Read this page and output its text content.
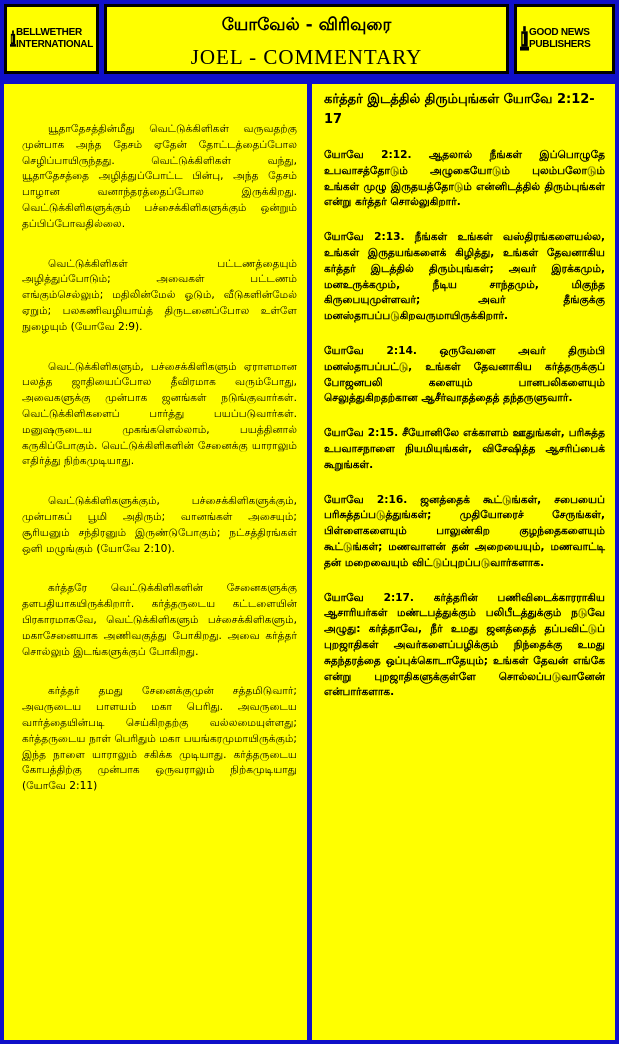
BELLWETHER INTERNATIONAL
யோவேல் - விரிவுரை
JOEL - COMMENTARY
GOOD NEWS PUBLISHERS

யூதாதேசத்தின்மீது வெட்டுக்கிளிகள் வருவதற்கு முன்பாக அந்த தேசம் ஏதேன் தோட்டத்தைப்போல செழிப்பாயிருந்தது. வெட்டுக்கிளிகள் வந்து, யூதாதேசத்தை அழித்துப்போட்ட பின்பு, அந்த தேசம் பாழான வனாந்தரத்தைப்போல இருக்கிறது. வெட்டுக்கிளிகளுக்கும் பச்சைக்கிளிகளுக்கும் ஒன்றும் தப்பிப்போவதில்லை.

வெட்டுக்கிளிகள் பட்டணத்தையும் அழித்துப்போடும்; அவைகள் பட்டணம் எங்கும்செல்லும்; மதிலின்மேல் ஓடும், வீடுகளின்மேல் ஏறும்; பலகணிவழியாய்த் திருடனைப்போல உள்ளே நுழையும் (யோவே 2:9).

வெட்டுக்கிளிகளும், பச்சைக்கிளிகளும் ஏராளமான பலத்த ஜாதியைப்போல தீவிரமாக வரும்போது, அவைகளுக்கு முன்பாக ஜனங்கள் நடுங்குவார்கள். வெட்டுக்கிளிகளைப் பார்த்து பயப்படுவார்கள். மனுஷருடைய முகங்களெல்லாம், பயத்தினால் கருகிப்போகும். வெட்டுக்கிளிகளின் சேனைக்கு யாராலும் எதிர்த்து நிற்கமுடியாது.

வெட்டுக்கிளிகளுக்கும், பச்சைக்கிளிகளுக்கும், முன்பாகப் பூமி அதிரும்; வானங்கள் அசையும்; சூரியனும் சந்திரனும் இருண்டுபோகும்; நட்சத்திரங்கள் ஒளி மழுங்கும் (யோவே 2:10).

கர்த்தரே வெட்டுக்கிளிகளின் சேனைகளுக்கு தளபதியாகயிருக்கிறார். கர்த்தருடைய கட்டளையின் பிரகாரமாகவே, வெட்டுக்கிளிகளும் பச்சைக்கிளிகளும், மகாசேனையாக அணிவகுத்து போகிறது. அவை கர்த்தர் சொல்லும் இடங்களுக்குப் போகிறது.

கர்த்தர் தமது சேனைக்குமுன் சத்தமிடுவார்; அவருடைய பாளயம் மகா பெரிது. அவருடைய வார்த்தையின்படி செய்கிறதற்கு வல்லமையுள்ளது; கர்த்தருடைய நாள் பெரிதும் மகா பயங்கரமுமாயிருக்கும்; இந்த நாளை யாராலும் சகிக்க முடியாது. கர்த்தருடைய கோபத்திற்கு முன்பாக ஒருவராலும் நிற்கமுடியாது (யோவே 2:11)

கர்த்தர் இடத்தில் திரும்புங்கள் யோவே 2:12-17

யோவே 2:12. ஆதலால் நீங்கள் இப்பொழுதே உபவாசத்தோடும் அழுகையோடும் புலம்பலோடும் உங்கள் முழு இருதயத்தோடும் என்னிடத்தில் திரும்புங்கள் என்று கர்த்தர் சொல்லுகிறார்.

யோவே 2:13. நீங்கள் உங்கள் வஸ்திரங்களையல்ல, உங்கள் இருதயங்களைக் கிழித்து, உங்கள் தேவனாகிய கர்த்தர் இடத்தில் திரும்புங்கள்; அவர் இரக்கமும், மனஉருக்கமும், நீடிய சாந்தமும், மிகுந்த கிருபையுமுள்ளவர்; அவர் தீங்குக்கு மனஸ்தாபப்படுகிறவருமாயிருக்கிறார்.

யோவே 2:14. ஒருவேளை அவர் திரும்பி மனஸ்தாபப்பட்டு, உங்கள் தேவனாகிய கர்த்தருக்குப் போஜனபலி களையும் பானபலிகளையும் செலுத்துகிறதற்கான ஆசீர்வாதத்தைத் தந்தருளுவார்.

யோவே 2:15. சீயோனிலே எக்காளம் ஊதுங்கள், பரிசுத்த உபவாசநாளை நியமியுங்கள், விசேஷித்த ஆசரிப்பைக் கூறுங்கள்.

யோவே 2:16. ஜனத்தைக் கூட்டுங்கள், சபையைப் பரிசுத்தப்படுத்துங்கள்; முதியோரைச் சேருங்கள், பிள்ளைகளையும் பாலுண்கிற குழந்தைகளையும் கூட்டுங்கள்; மணவாளன் தன் அறையையும், மணவாட்டி தன் மறைவையும் விட்டுப்புறப்படுவார்களாக.

யோவே 2:17. கர்த்தரின் பணிவிடைக்காரராகிய ஆசாரியர்கள் மண்டபத்துக்கும் பலிபீடத்துக்கும் நடுவே அழுது: கர்த்தாவே, நீர் உமது ஜனத்தைத் தப்பவிட்டுப் புறஜாதிகள் அவர்களைப்பழிக்கும் நிந்தைக்கு உமது சுதந்தரத்தை ஒப்புக்கொடாதேயும்; உங்கள் தேவன் எங்கே என்று புறஜாதிகளுக்குள்ளே சொல்லப்படுவானேன் என்பார்களாக.
